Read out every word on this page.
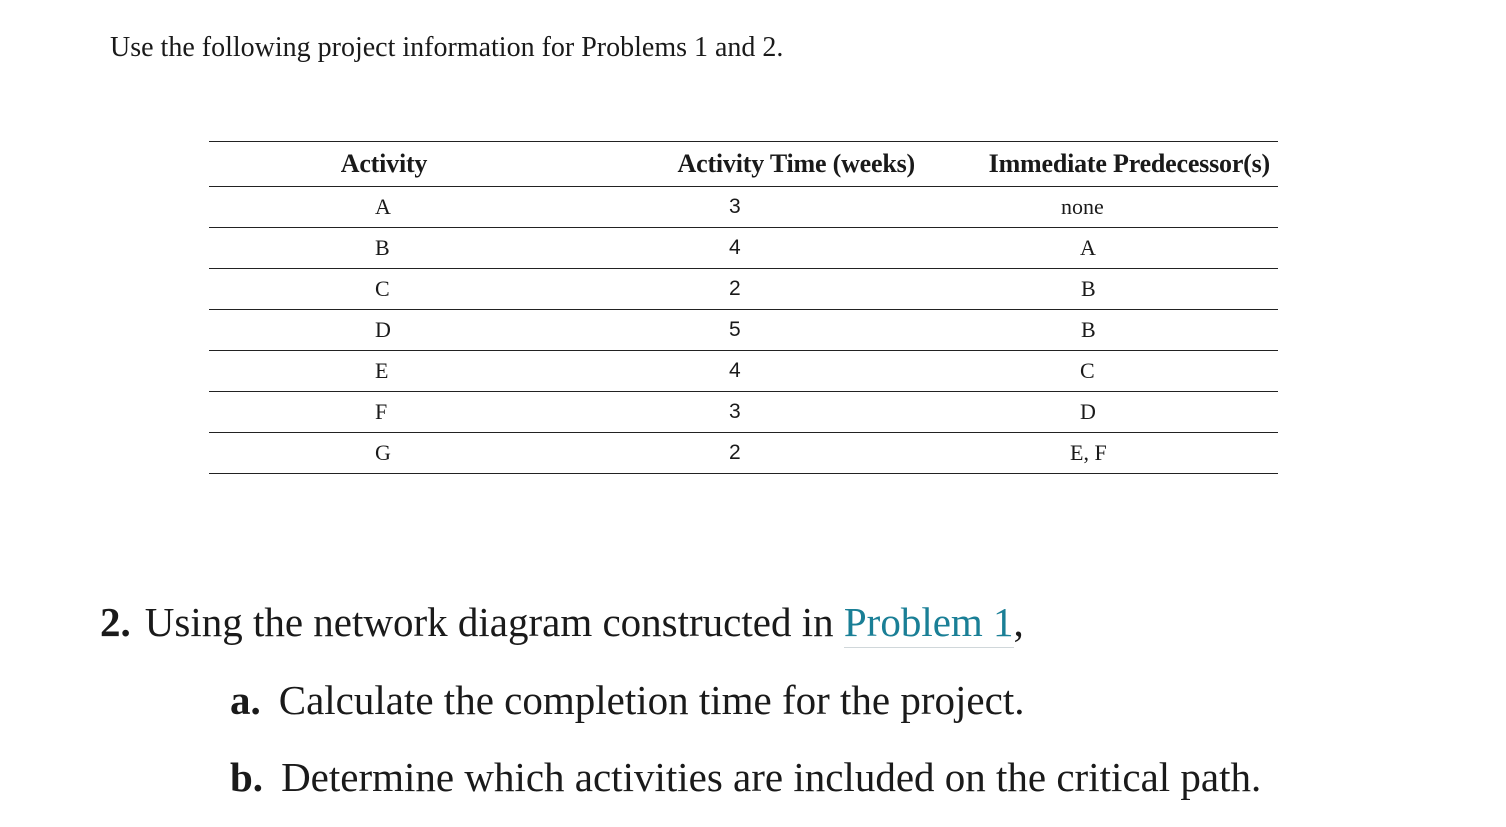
Use the following project information for Problems 1 and 2.
Activity	Activity Time (weeks)	Immediate Predecessor(s)
A	3	none
B	4	A
C	2	B
D	5	B
E	4	C
F	3	D
G	2	E, F
2. Using the network diagram constructed in Problem 1,
a. Calculate the completion time for the project.
b. Determine which activities are included on the critical path.
